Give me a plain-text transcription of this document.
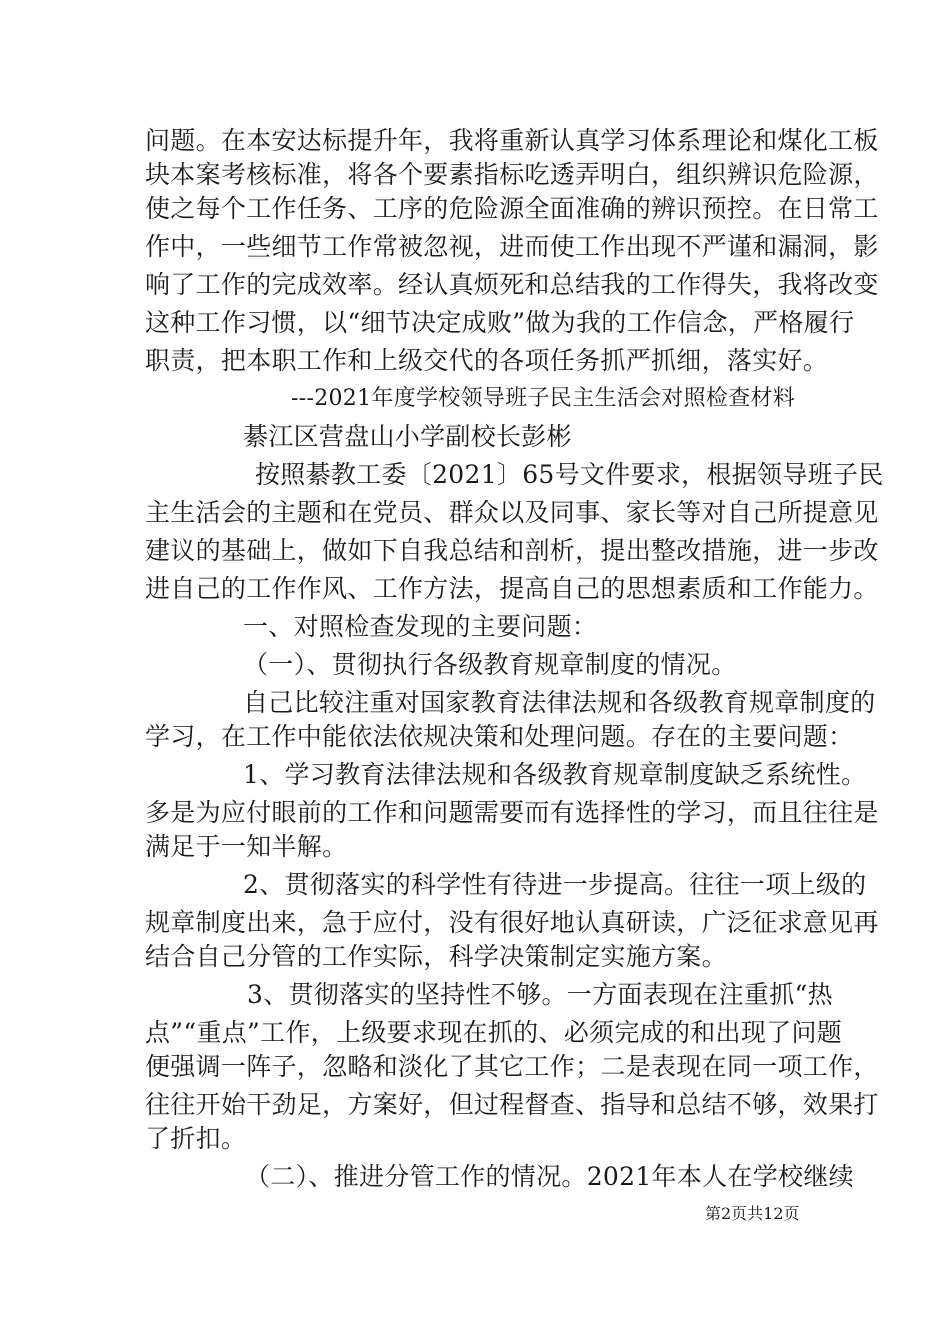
问题。在本安达标提升年，我将重新认真学习体系理论和煤化工板
块本案考核标准，将各个要素指标吃透弄明白，组织辨识危险源，
使之每个工作任务、工序的危险源全面准确的辨识预控。在日常工
作中，一些细节工作常被忽视，进而使工作出现不严谨和漏洞，影
响了工作的完成效率。经认真烦死和总结我的工作得失，我将改变
这种工作习惯，以“细节决定成败”做为我的工作信念，严格履行
职责，把本职工作和上级交代的各项任务抓严抓细，落实好。
---2021年度学校领导班子民主生活会对照检查材料
綦江区营盘山小学副校长彭彬
按照綦教工委〔2021〕65号文件要求，根据领导班子民
主生活会的主题和在党员、群众以及同事、家长等对自己所提意见
建议的基础上，做如下自我总结和剖析，提出整改措施，进一步改
进自己的工作作风、工作方法，提高自己的思想素质和工作能力。
一、对照检查发现的主要问题：
（一）、贯彻执行各级教育规章制度的情况。
自己比较注重对国家教育法律法规和各级教育规章制度的
学习，在工作中能依法依规决策和处理问题。存在的主要问题：
1、学习教育法律法规和各级教育规章制度缺乏系统性。
多是为应付眼前的工作和问题需要而有选择性的学习，而且往往是
满足于一知半解。
2、贯彻落实的科学性有待进一步提高。往往一项上级的
规章制度出来，急于应付，没有很好地认真研读，广泛征求意见再
结合自己分管的工作实际，科学决策制定实施方案。
3、贯彻落实的坚持性不够。一方面表现在注重抓“热
点”“重点”工作，上级要求现在抓的、必须完成的和出现了问题
便强调一阵子，忽略和淡化了其它工作；二是表现在同一项工作，
往往开始干劲足，方案好，但过程督查、指导和总结不够，效果打
了折扣。
（二）、推进分管工作的情况。2021年本人在学校继续
第2页共12页
